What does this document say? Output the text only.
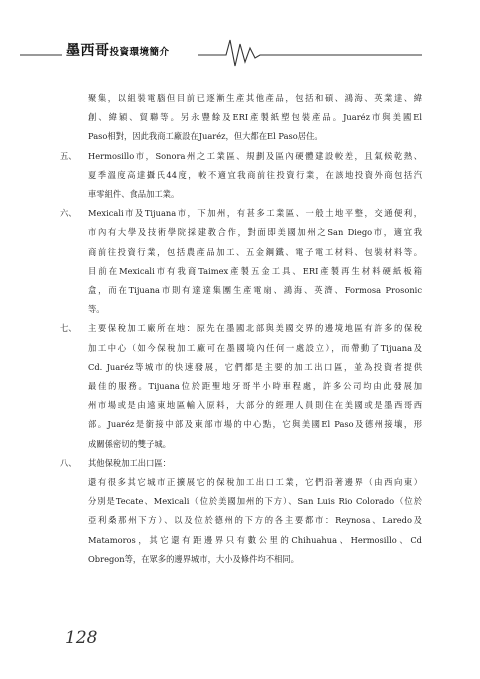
墨西哥投資環境簡介
聚集，以組裝電腦但目前已逐漸生產其他產品，包括和碩、鴻海、英業達、緯
創、緯穎、貿聯等。另永豐餘及ERI產製紙塑包裝產品。Juaréz市與美國El
Paso相對，因此我商工廠設在Juaréz，但大都在El Paso居住。
五、	Hermosillo市，Sonora州之工業區、規劃及區內硬體建設較差，且氣候乾熱、
夏季溫度高達攝氏44度，較不適宜我商前往投資行業，在該地投資外商包括汽
車零組件、食品加工業。
六、	Mexicali市及Tijuana市，下加州，有甚多工業區、一般土地平整，交通便利，
市內有大學及技術學院採建教合作，對面即美國加州之San Diego市，適宜我
商前往投資行業，包括農產品加工、五金鋼鐵、電子電工材料、包裝材料等。
目前在Mexicali市有我商Taimex產製五金工具、ERI產製再生材料硬紙板箱
盒，而在Tijuana市則有達達集團生產電扇、鴻海、英濟、Formosa Prosonic
等。
七、	主要保稅加工廠所在地：原先在墨國北部與美國交界的邊境地區有許多的保稅
加工中心（如今保稅加工廠可在墨國境內任何一處設立），而帶動了Tijuana及
Cd. Juaréz等城市的快速發展，它們都是主要的加工出口區，並為投資者提供
最佳的服務。Tijuana位於距聖地牙哥半小時車程處，許多公司均由此發展加
州市場或是由遠東地區輸入原料，大部分的經理人員則住在美國或是墨西哥西
部。Juaréz是銜接中部及東部市場的中心點，它與美國El Paso及德州接壤，形
成關係密切的雙子城。
八、	其他保稅加工出口區：
還有很多其它城市正擴展它的保稅加工出口工業，它們沿著邊界（由西向東）
分別是Tecate、Mexicali（位於美國加州的下方）、San Luis Rio Colorado（位於
亞利桑那州下方）、以及位於德州的下方的各主要都市：Reynosa、Laredo及
Matamoros，其它還有距邊界只有數公里的Chihuahua、Hermosillo、Cd
Obregon等，在眾多的邊界城市，大小及條件均不相同。
128
